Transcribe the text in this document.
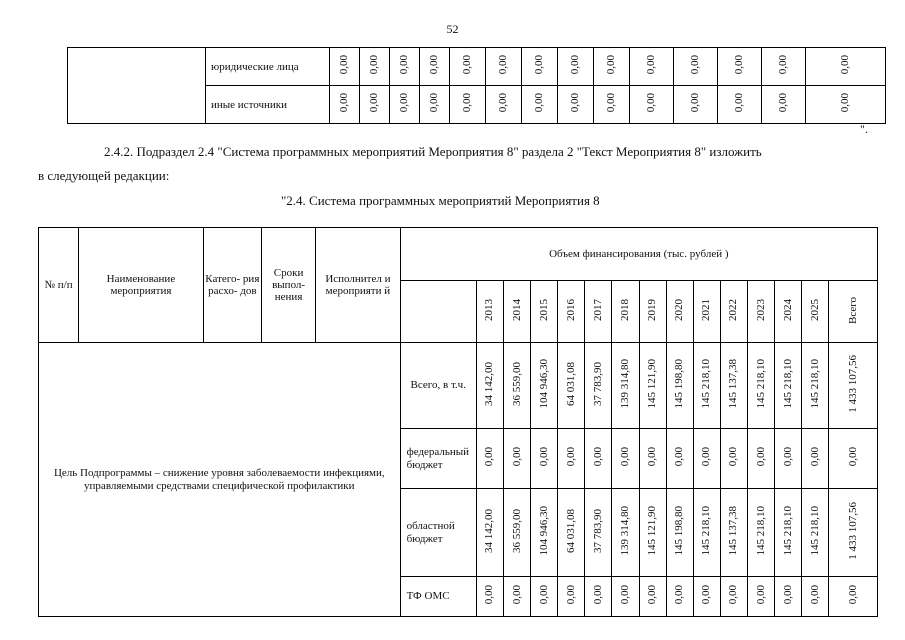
52
	юридические лица	0,00	0,00	0,00	0,00	0,00	0,00	0,00	0,00	0,00	0,00	0,00	0,00	0,00	0,00
	иные источники	0,00	0,00	0,00	0,00	0,00	0,00	0,00	0,00	0,00	0,00	0,00	0,00	0,00	0,00
".
2.4.2. Подраздел 2.4 "Система программных мероприятий Мероприятия 8" раздела 2 "Текст Мероприятия 8" изложить
в следующей редакции:
"2.4. Система программных мероприятий Мероприятия 8
№ п/п	Наименование мероприятия	Катего- рия расхо- дов	Сроки выпол- нения	Исполнител и мероприяти й	Объем финансирования (тыс. рублей )														
						2013	2014	2015	2016	2017	2018	2019	2020	2021	2022	2023	2024	2025	Всего
Цель Подпрограммы – снижение уровня заболеваемости инфекциями, управляемыми средствами специфической профилактики					Всего, в т.ч.	34 142,00	36 559,00	104 946,30	64 031,08	37 783,90	139 314,80	145 121,90	145 198,80	145 218,10	145 137,38	145 218,10	145 218,10	145 218,10	1 433 107,56
					федеральный бюджет	0,00	0,00	0,00	0,00	0,00	0,00	0,00	0,00	0,00	0,00	0,00	0,00	0,00	0,00
					областной бюджет	34 142,00	36 559,00	104 946,30	64 031,08	37 783,90	139 314,80	145 121,90	145 198,80	145 218,10	145 137,38	145 218,10	145 218,10	145 218,10	1 433 107,56
					ТФ ОМС	0,00	0,00	0,00	0,00	0,00	0,00	0,00	0,00	0,00	0,00	0,00	0,00	0,00	0,00
